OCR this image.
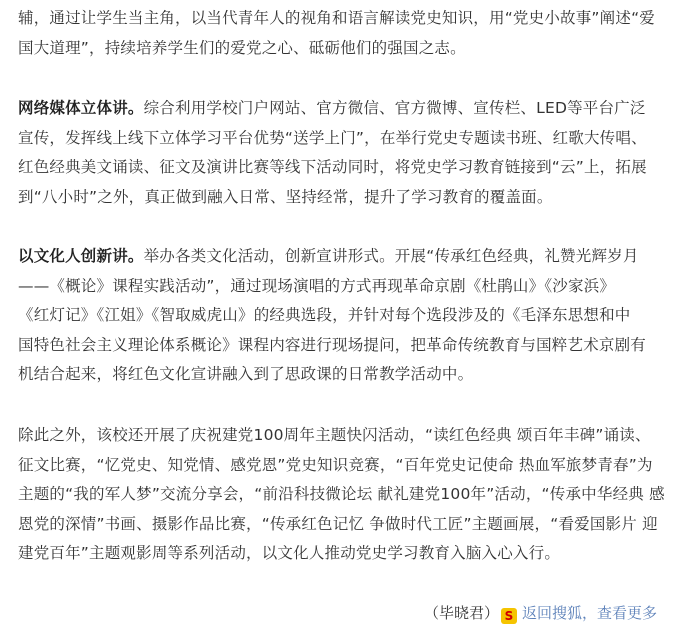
辅，通过让学生当主角，以当代青年人的视角和语言解读党史知识，用“党史小故事”阐述“爱
国大道理”，持续培养学生们的爱党之心、砥砺他们的强国之志。

网络媒体立体讲。综合利用学校门户网站、官方微信、官方微博、宣传栏、LED等平台广泛
宣传，发挥线上线下立体学习平台优势“送学上门”，在举行党史专题读书班、红歌大传唱、
红色经典美文诵读、征文及演讲比赛等线下活动同时，将党史学习教育链接到“云”上，拓展
到“八小时”之外，真正做到融入日常、坚持经常，提升了学习教育的覆盖面。

以文化人创新讲。举办各类文化活动，创新宣讲形式。开展“传承红色经典，礼赞光辉岁月
——《概论》课程实践活动”，通过现场演唱的方式再现革命京剧《杜鹃山》《沙家浜》
《红灯记》《江姐》《智取威虎山》的经典选段，并针对每个选段涉及的《毛泽东思想和中
国特色社会主义理论体系概论》课程内容进行现场提问，把革命传统教育与国粹艺术京剧有
机结合起来，将红色文化宣讲融入到了思政课的日常教学活动中。

除此之外，该校还开展了庆祝建党100周年主题快闪活动，“读红色经典 颂百年丰碑”诵读、
征文比赛，“忆党史、知党情、感党恩”党史知识竞赛，“百年党史记使命 热血军旅梦青春”为
主题的“我的军人梦”交流分享会，“前沿科技微论坛 献礼建党100年”活动，“传承中华经典 感
恩党的深情”书画、摄影作品比赛，“传承红色记忆 争做时代工匠”主题画展，“看爱国影片 迎
建党百年”主题观影周等系列活动，以文化人推动党史学习教育入脑入心入行。

（毕晓君） S 返回搜狐，查看更多
